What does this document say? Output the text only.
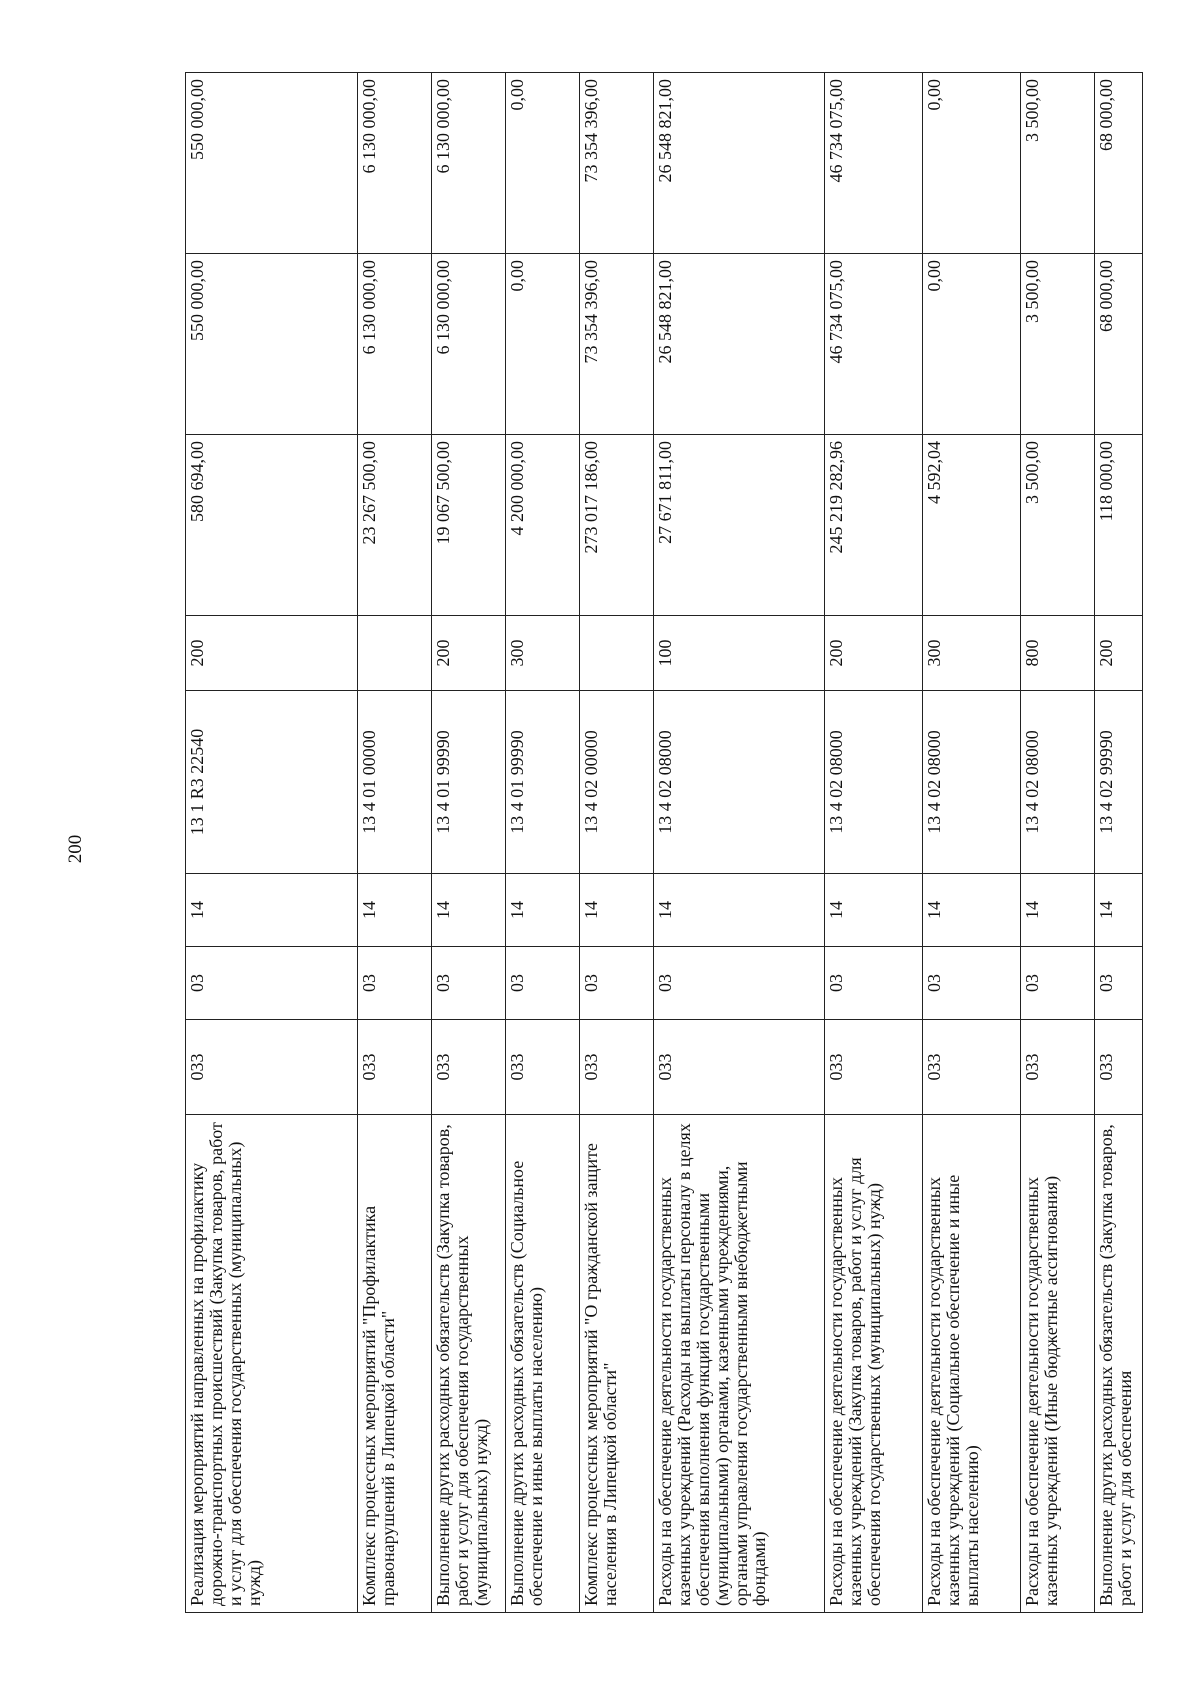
200
Реализация мероприятий направленных на профилактику дорожно-транспортных происшествий (Закупка товаров, работ и услуг для обеспечения государственных (муниципальных) нужд)	033	03	14	13 1 R3 22540	200	580 694,00	550 000,00	550 000,00
Комплекс процессных мероприятий "Профилактика правонарушений в Липецкой области"	033	03	14	13 4 01 00000		23 267 500,00	6 130 000,00	6 130 000,00
Выполнение других расходных обязательств (Закупка товаров, работ и услуг для обеспечения государственных (муниципальных) нужд)	033	03	14	13 4 01 99990	200	19 067 500,00	6 130 000,00	6 130 000,00
Выполнение других расходных обязательств (Социальное обеспечение и иные выплаты населению)	033	03	14	13 4 01 99990	300	4 200 000,00	0,00	0,00
Комплекс процессных мероприятий "О гражданской защите населения в Липецкой области"	033	03	14	13 4 02 00000		273 017 186,00	73 354 396,00	73 354 396,00
Расходы на обеспечение деятельности государственных казенных учреждений (Расходы на выплаты персоналу в целях обеспечения выполнения функций государственными (муниципальными) органами, казенными учреждениями, органами управления государственными внебюджетными фондами)	033	03	14	13 4 02 08000	100	27 671 811,00	26 548 821,00	26 548 821,00
Расходы на обеспечение деятельности государственных казенных учреждений (Закупка товаров, работ и услуг для обеспечения государственных (муниципальных) нужд)	033	03	14	13 4 02 08000	200	245 219 282,96	46 734 075,00	46 734 075,00
Расходы на обеспечение деятельности государственных казенных учреждений (Социальное обеспечение и иные выплаты населению)	033	03	14	13 4 02 08000	300	4 592,04	0,00	0,00
Расходы на обеспечение деятельности государственных казенных учреждений (Иные бюджетные ассигнования)	033	03	14	13 4 02 08000	800	3 500,00	3 500,00	3 500,00
Выполнение других расходных обязательств (Закупка товаров, работ и услуг для обеспечения	033	03	14	13 4 02 99990	200	118 000,00	68 000,00	68 000,00
